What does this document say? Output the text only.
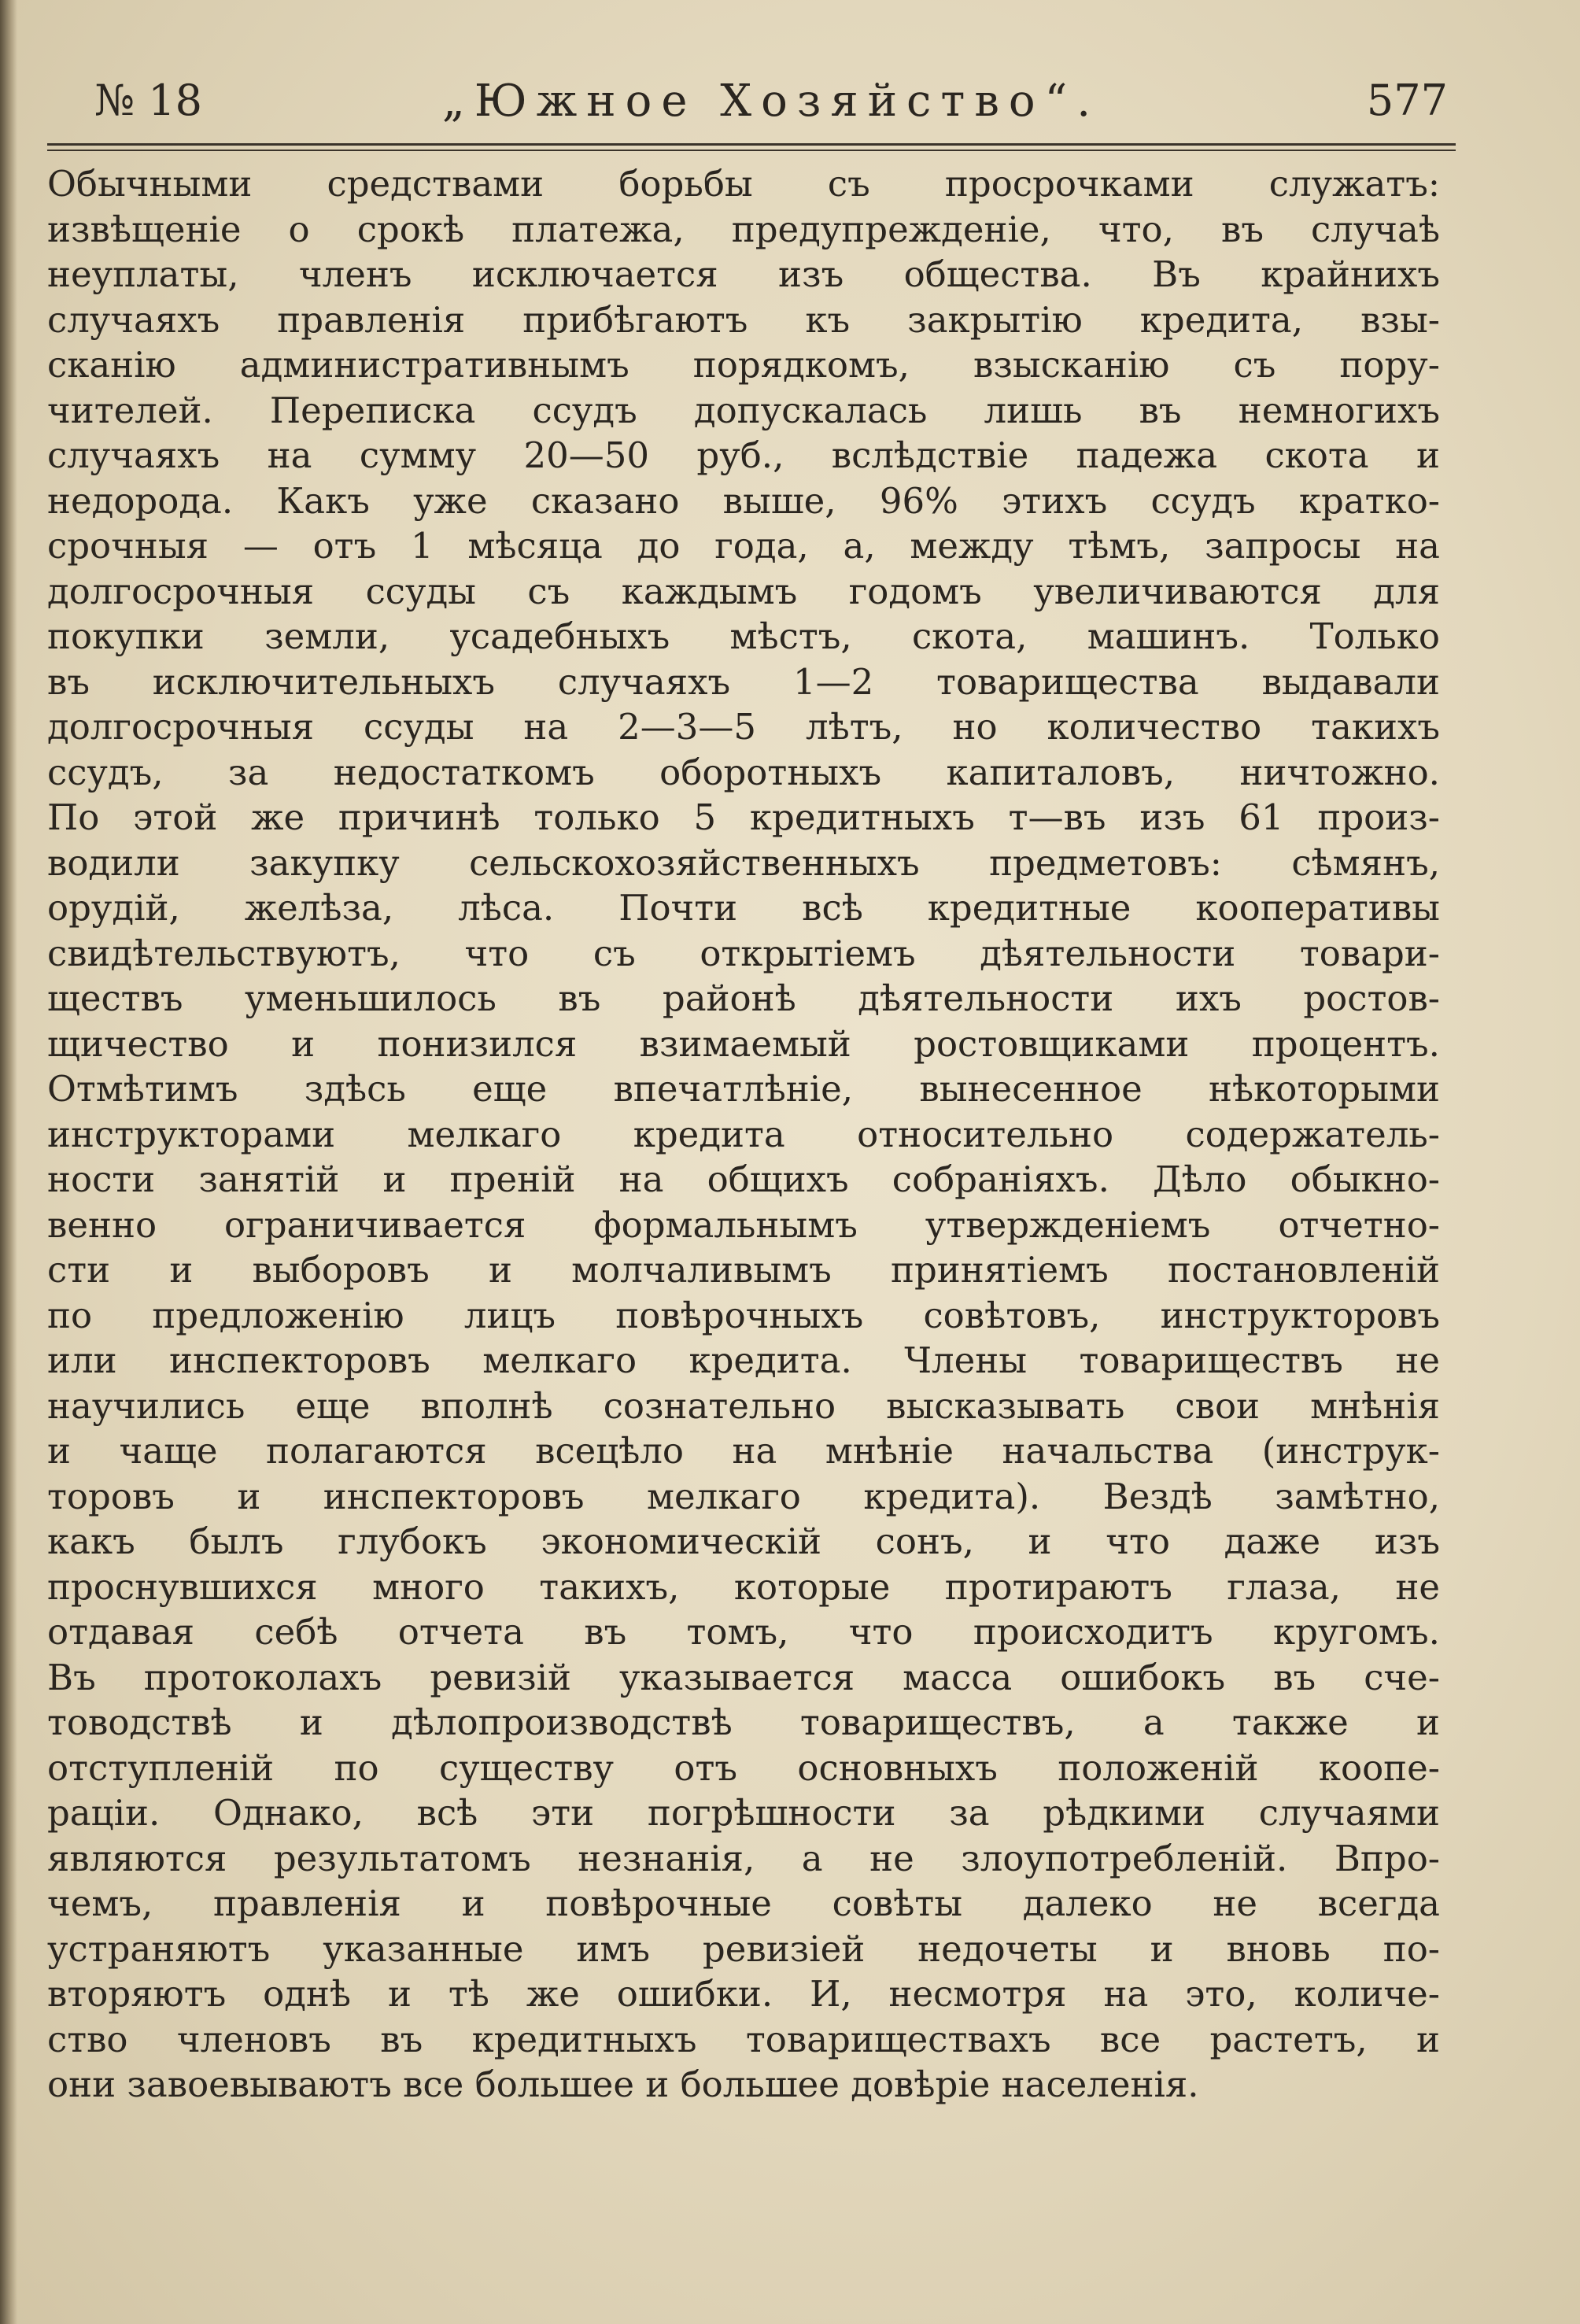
№ 18	„Южное Хозяйство“.	577
Обычными средствами борьбы съ просрочками служатъ:
извѣщеніе о срокѣ платежа, предупрежденіе, что, въ случаѣ
неуплаты, членъ исключается изъ общества. Въ крайнихъ
случаяхъ правленія прибѣгаютъ къ закрытію кредита, взы-
сканію административнымъ порядкомъ, взысканію съ пору-
чителей. Переписка ссудъ допускалась лишь въ немногихъ
случаяхъ на сумму 20—50 руб., вслѣдствіе падежа скота и
недорода. Какъ уже сказано выше, 96% этихъ ссудъ кратко-
срочныя — отъ 1 мѣсяца до года, а, между тѣмъ, запросы на
долгосрочныя ссуды съ каждымъ годомъ увеличиваются для
покупки земли, усадебныхъ мѣстъ, скота, машинъ. Только
въ исключительныхъ случаяхъ 1—2 товарищества выдавали
долгосрочныя ссуды на 2—3—5 лѣтъ, но количество такихъ
ссудъ, за недостаткомъ оборотныхъ капиталовъ, ничтожно.
По этой же причинѣ только 5 кредитныхъ т—въ изъ 61 произ-
водили закупку сельскохозяйственныхъ предметовъ: сѣмянъ,
орудій, желѣза, лѣса. Почти всѣ кредитные кооперативы
свидѣтельствуютъ, что съ открытіемъ дѣятельности товари-
ществъ уменьшилось въ районѣ дѣятельности ихъ ростов-
щичество и понизился взимаемый ростовщиками процентъ.
Отмѣтимъ здѣсь еще впечатлѣніе, вынесенное нѣкоторыми
инструкторами мелкаго кредита относительно содержатель-
ности занятій и преній на общихъ собраніяхъ. Дѣло обыкно-
венно ограничивается формальнымъ утвержденіемъ отчетно-
сти и выборовъ и молчаливымъ принятіемъ постановленій
по предложенію лицъ повѣрочныхъ совѣтовъ, инструкторовъ
или инспекторовъ мелкаго кредита. Члены товариществъ не
научились еще вполнѣ сознательно высказывать свои мнѣнія
и чаще полагаются всецѣло на мнѣніе начальства (инструк-
торовъ и инспекторовъ мелкаго кредита). Вездѣ замѣтно,
какъ былъ глубокъ экономическій сонъ, и что даже изъ
проснувшихся много такихъ, которые протираютъ глаза, не
отдавая себѣ отчета въ томъ, что происходитъ кругомъ.
Въ протоколахъ ревизій указывается масса ошибокъ въ сче-
товодствѣ и дѣлопроизводствѣ товариществъ, а также и
отступленій по существу отъ основныхъ положеній коопе-
раціи. Однако, всѣ эти погрѣшности за рѣдкими случаями
являются результатомъ незнанія, а не злоупотребленій. Впро-
чемъ, правленія и повѣрочные совѣты далеко не всегда
устраняютъ указанные имъ ревизіей недочеты и вновь по-
вторяютъ однѣ и тѣ же ошибки. И, несмотря на это, количе-
ство членовъ въ кредитныхъ товариществахъ все растетъ, и
они завоевываютъ все большее и большее довѣріе населенія.
